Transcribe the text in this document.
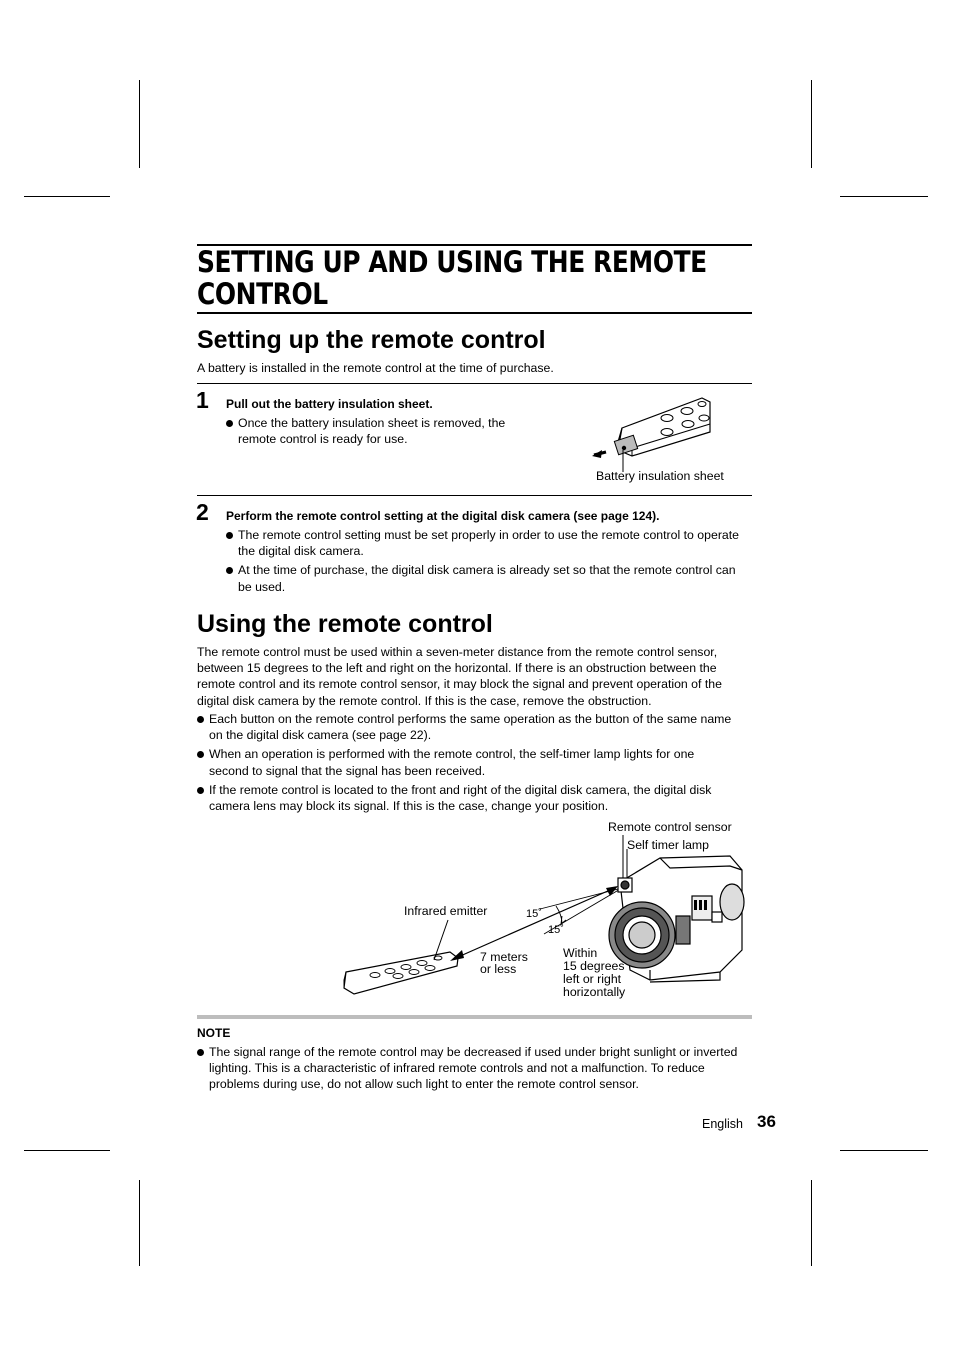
SETTING UP AND USING THE REMOTE CONTROL
Setting up the remote control
A battery is installed in the remote control at the time of purchase.
1 Pull out the battery insulation sheet.
Once the battery insulation sheet is removed, the remote control is ready for use.
Battery insulation sheet
2 Perform the remote control setting at the digital disk camera (see page 124).
The remote control setting must be set properly in order to use the remote control to operate the digital disk camera.
At the time of purchase, the digital disk camera is already set so that the remote control can be used.
Using the remote control
The remote control must be used within a seven-meter distance from the remote control sensor, between 15 degrees to the left and right on the horizontal. If there is an obstruction between the remote control and its remote control sensor, it may block the signal and prevent operation of the digital disk camera by the remote control. If this is the case, remove the obstruction.
Each button on the remote control performs the same operation as the button of the same name on the digital disk camera (see page 22).
When an operation is performed with the remote control, the self-timer lamp lights for one second to signal that the signal has been received.
If the remote control is located to the front and right of the digital disk camera, the digital disk camera lens may block its signal. If this is the case, change your position.
Remote control sensor
Self timer lamp
Infrared emitter	15˚
15˚
7 meters
or less
Within
15 degrees
left or right
horizontally
NOTE
The signal range of the remote control may be decreased if used under bright sunlight or inverted lighting. This is a characteristic of infrared remote controls and not a malfunction. To reduce problems during use, do not allow such light to enter the remote control sensor.
English 36
